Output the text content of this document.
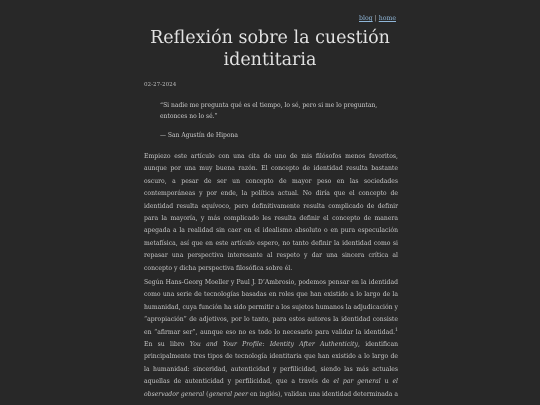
blog | home
Reflexión sobre la cuestión identitaria
02-27-2024

“Si nadie me pregunta qué es el tiempo, lo sé, pero si me lo preguntan, entonces no lo sé.”

— San Agustín de Hipona

Empiezo este artículo con una cita de uno de mis filósofos menos favoritos, aunque por una muy buena razón. El concepto de identidad resulta bastante oscuro, a pesar de ser un concepto de mayor peso en las sociedades contemporáneas y por ende, la política actual. No diría que el concepto de identidad resulta equívoco, pero definitivamente resulta complicado de definir para la mayoría, y más complicado les resulta definir el concepto de manera apegada a la realidad sin caer en el idealismo absoluto o en pura especulación metafísica, así que en este artículo espero, no tanto definir la identidad como si repasar una perspectiva interesante al respeto y dar una sincera crítica al concepto y dicha perspectiva filosófica sobre él.

Según Hans-Georg Moeller y Paul J. D’Ambrosio, podemos pensar en la identidad como una serie de tecnologías basadas en roles que han existido a lo largo de la humanidad, cuya función ha sido permitir a los sujetos humanos la adjudicación y “apropiación” de adjetivos, por lo tanto, para estos autores la identidad consiste en “afirmar ser”, aunque eso no es todo lo necesario para validar la identidad.$^1$ En su libro You and Your Profile: Identity After Authenticity, identifican principalmente tres tipos de tecnología identitaria que han existido a lo largo de la humanidad: sinceridad, autenticidad y perfilicidad, siendo las más actuales aquellas de autenticidad y perfilicidad, que a través de el par general u el observador general (general peer en inglés), validan una identidad determinada a
